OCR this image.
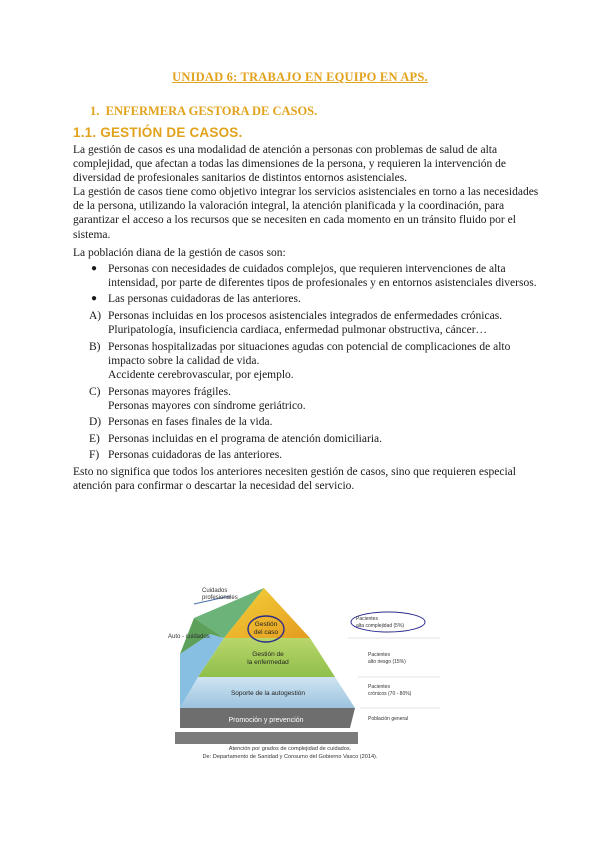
UNIDAD 6: TRABAJO EN EQUIPO EN APS.
1. ENFERMERA GESTORA DE CASOS.
1.1. GESTIÓN DE CASOS.

La gestión de casos es una modalidad de atención a personas con problemas de salud de alta complejidad, que afectan a todas las dimensiones de la persona, y requieren la intervención de diversidad de profesionales sanitarios de distintos entornos asistenciales.

La gestión de casos tiene como objetivo integrar los servicios asistenciales en torno a las necesidades de la persona, utilizando la valoración integral, la atención planificada y la coordinación, para garantizar el acceso a los recursos que se necesiten en cada momento en un tránsito fluido por el sistema.

La población diana de la gestión de casos son:

● Personas con necesidades de cuidados complejos, que requieren intervenciones de alta intensidad, por parte de diferentes tipos de profesionales y en entornos asistenciales diversos.
● Las personas cuidadoras de las anteriores.
A) Personas incluidas en los procesos asistenciales integrados de enfermedades crónicas.
Pluripatología, insuficiencia cardiaca, enfermedad pulmonar obstructiva, cáncer…
B) Personas hospitalizadas por situaciones agudas con potencial de complicaciones de alto impacto sobre la calidad de vida.
Accidente cerebrovascular, por ejemplo.
C) Personas mayores frágiles.
Personas mayores con síndrome geriátrico.
D) Personas en fases finales de la vida.
E) Personas incluidas en el programa de atención domiciliaria.
F) Personas cuidadoras de las anteriores.

Esto no significa que todos los anteriores necesiten gestión de casos, sino que requieren especial atención para confirmar o descartar la necesidad del servicio.

Cuidados
profesionales
Gestión
del caso
Gestión de
la enfermedad
Soporte de la autogestión
Promoción y prevención
Auto - cuidados
Pacientes
alta complejidad (5%)
Pacientes
alto riesgo (15%)
Pacientes
crónicos (70 - 80%)
Población general
Atención por grados de complejidad de cuidados.
De: Departamento de Sanidad y Consumo del Gobierno Vasco (2014).
